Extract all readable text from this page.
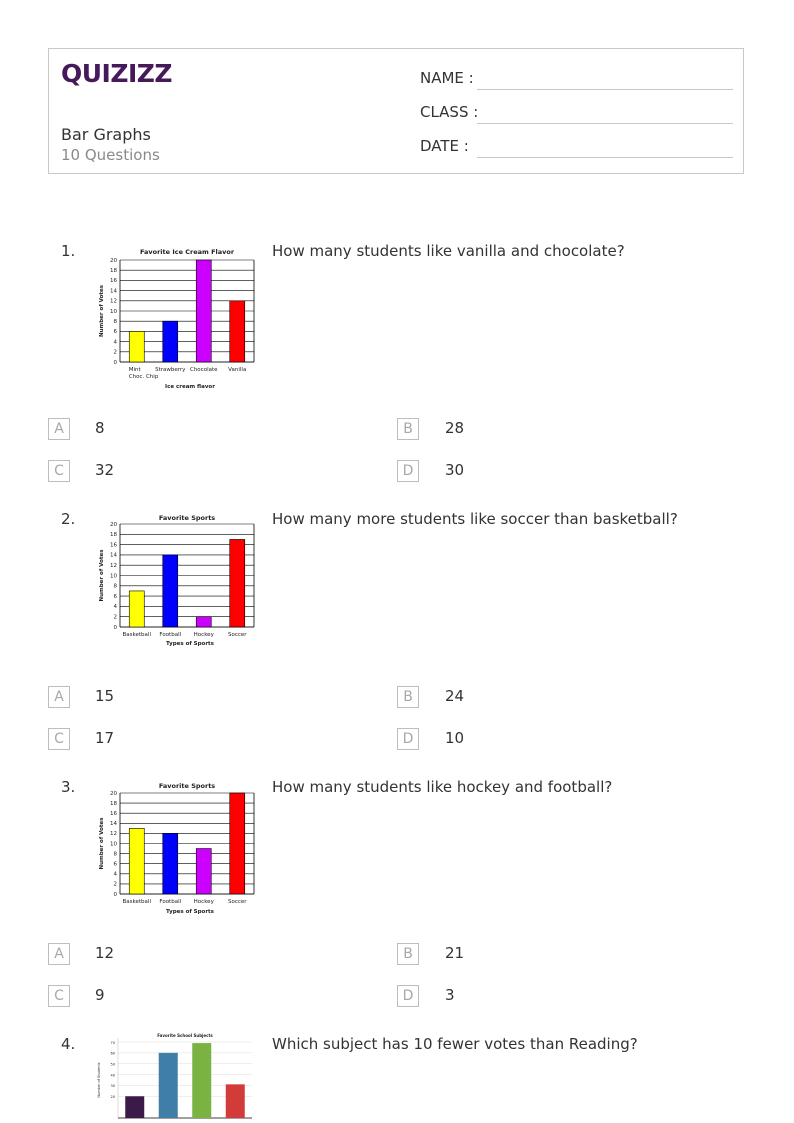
QUIZIZZ
Bar Graphs
10 Questions
NAME :
CLASS :
DATE :
1.	How many students like vanilla and chocolate?
Favorite Ice Cream Flavor
0
2
4
6
8
10
12
14
16
18
20
Mint
Choc. Chip
Strawberry Chocolate Vanilla
Ice cream flavor
Number of Votes
A	8	B	28
C	32	D	30
2.	How many more students like soccer than basketball?
Favorite Sports
0
2
4
6
8
10
12
14
16
18
20
Basketball Football Hockey	Soccer
Types of Sports
Number of Votes
A	15	B	24
C	17	D	10
3.	How many students like hockey and football?
Favorite Sports
0
2
4
6
8
10
12
14
16
18
20
Basketball Football Hockey	Soccer
Types of Sports
Number of Votes
A	12	B	21
C	9	D	3
4.	Which subject has 10 fewer votes than Reading?
Favorite School Subjects
20
30
40
50
60
70
Number of Students
